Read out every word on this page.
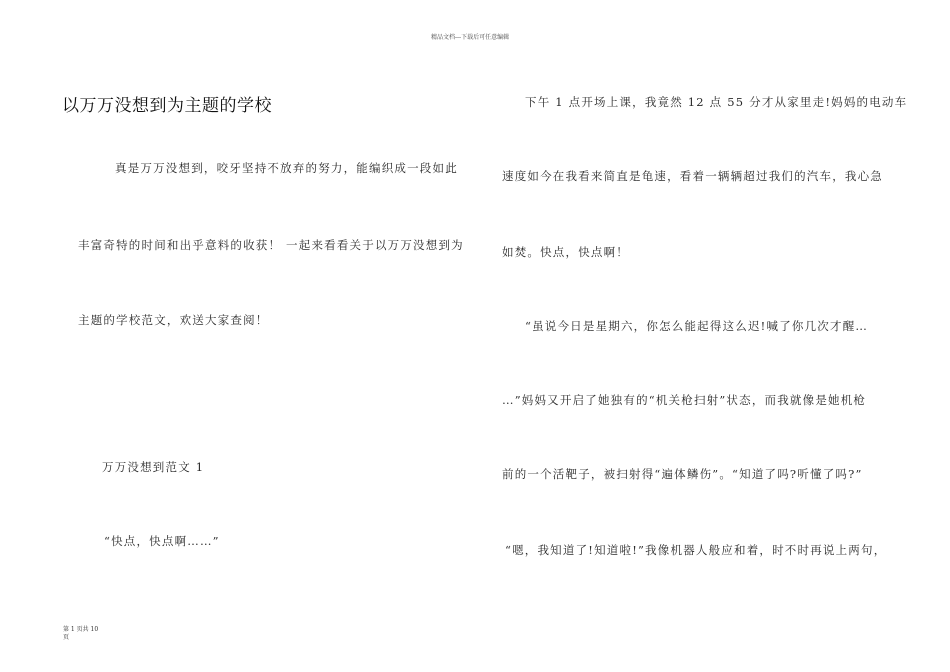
精品文档---下载后可任意编辑
以万万没想到为主题的学校
真是万万没想到，咬牙坚持不放弃的努力，能编织成一段如此
丰富奇特的时间和出乎意料的收获！ 一起来看看关于以万万没想到为
主题的学校范文，欢送大家查阅！
万万没想到范文 1
“快点，快点啊……”
下午 1 点开场上课，我竟然 12 点 55 分才从家里走!妈妈的电动车
速度如今在我看来简直是龟速，看着一辆辆超过我们的汽车，我心急
如焚。快点，快点啊！
“虽说今日是星期六，你怎么能起得这么迟!喊了你几次才醒…
…”妈妈又开启了她独有的“机关枪扫射”状态，而我就像是她机枪
前的一个活靶子，被扫射得“遍体鳞伤”。“知道了吗?听懂了吗?”
“嗯，我知道了!知道啦!”我像机器人般应和着，时不时再说上两句，
第 1 页共 10
页
